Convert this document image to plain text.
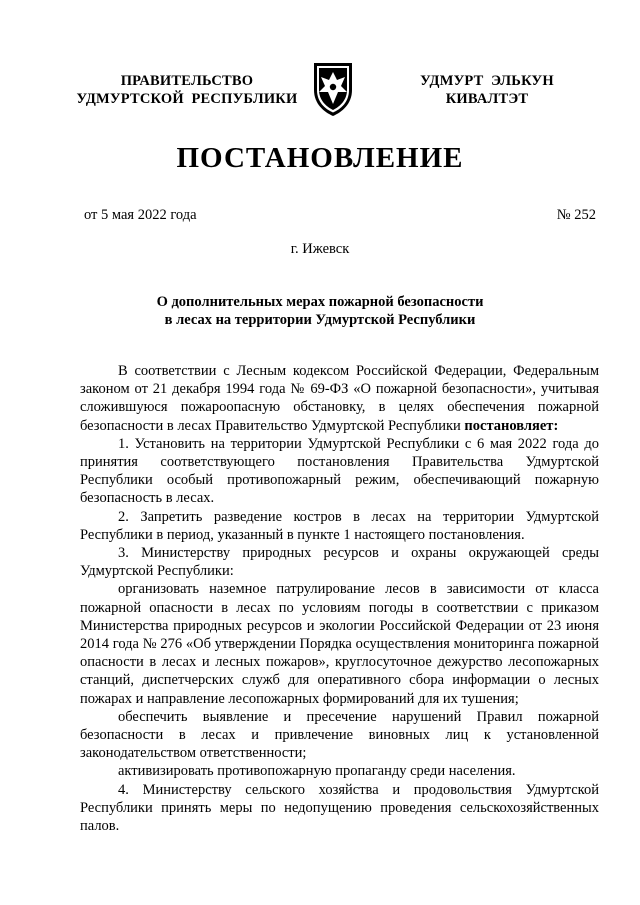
ПРАВИТЕЛЬСТВО
УДМУРТСКОЙ  РЕСПУБЛИКИ
УДМУРТ  ЭЛЬКУН
КИВАЛТЭТ
ПОСТАНОВЛЕНИЕ
от 5 мая 2022 года	№ 252
г. Ижевск
О дополнительных мерах пожарной безопасности
в лесах на территории Удмуртской Республики

В соответствии с Лесным кодексом Российской Федерации, Федеральным законом от 21 декабря 1994 года № 69-ФЗ «О пожарной безопасности», учитывая сложившуюся пожароопасную обстановку, в целях обеспечения пожарной безопасности в лесах Правительство Удмуртской Республики постановляет:

1. Установить на территории Удмуртской Республики с 6 мая 2022 года до принятия соответствующего постановления Правительства Удмуртской Республики особый противопожарный режим, обеспечивающий пожарную безопасность в лесах.

2. Запретить разведение костров в лесах на территории Удмуртской Республики в период, указанный в пункте 1 настоящего постановления.

3. Министерству природных ресурсов и охраны окружающей среды Удмуртской Республики:

организовать наземное патрулирование лесов в зависимости от класса пожарной опасности в лесах по условиям погоды в соответствии с приказом Министерства природных ресурсов и экологии Российской Федерации от 23 июня 2014 года № 276 «Об утверждении Порядка осуществления мониторинга пожарной опасности в лесах и лесных пожаров», круглосуточное дежурство лесопожарных станций, диспетчерских служб для оперативного сбора информации о лесных пожарах и направление лесопожарных формирований для их тушения;

обеспечить выявление и пресечение нарушений Правил пожарной безопасности в лесах и привлечение виновных лиц к установленной законодательством ответственности;

активизировать противопожарную пропаганду среди населения.

4. Министерству сельского хозяйства и продовольствия Удмуртской Республики принять меры по недопущению проведения сельскохозяйственных палов.
